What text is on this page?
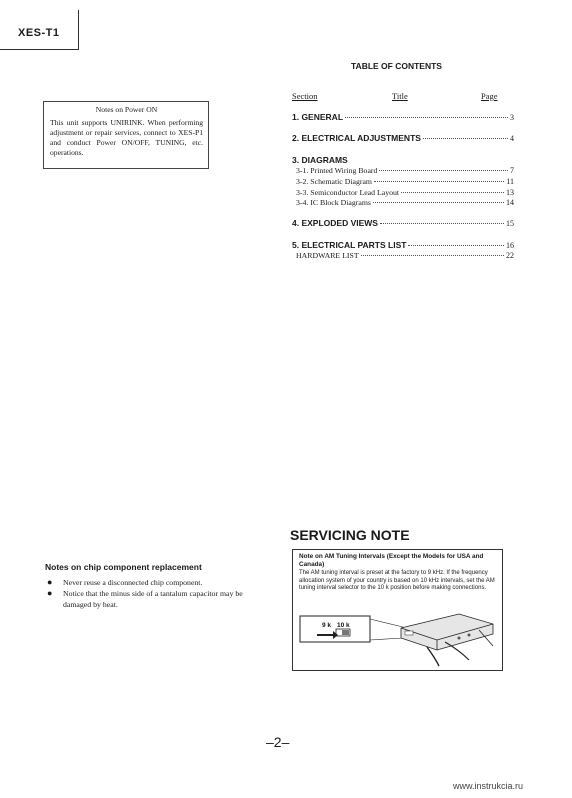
XES-T1
Notes on Power ON
This unit supports UNIRINK. When performing adjustment or repair services, connect to XES-P1 and conduct Power ON/OFF, TUNING, etc. operations.
TABLE OF CONTENTS
Section	Title	Page
1. GENERAL	3
2. ELECTRICAL ADJUSTMENTS	4
3. DIAGRAMS
3-1. Printed Wiring Board	7
3-2. Schematic Diagram	11
3-3. Semiconductor Lead Layout	13
3-4. IC Block Diagrams	14
4. EXPLODED VIEWS	15
5. ELECTRICAL PARTS LIST	16
HARDWARE LIST	22
SERVICING NOTE
Note on AM Tuning Intervals (Except the Models for USA and Canada)
The AM tuning interval is preset at the factory to 9 kHz. If the frequency allocation system of your country is based on 10 kHz intervals, set the AM tuning interval selector to the 10 k position before making connections.
9 k 10 k
Notes on chip component replacement
● Never reuse a disconnected chip component.
● Notice that the minus side of a tantalum capacitor may be damaged by heat.
–2–
www.instrukcia.ru
